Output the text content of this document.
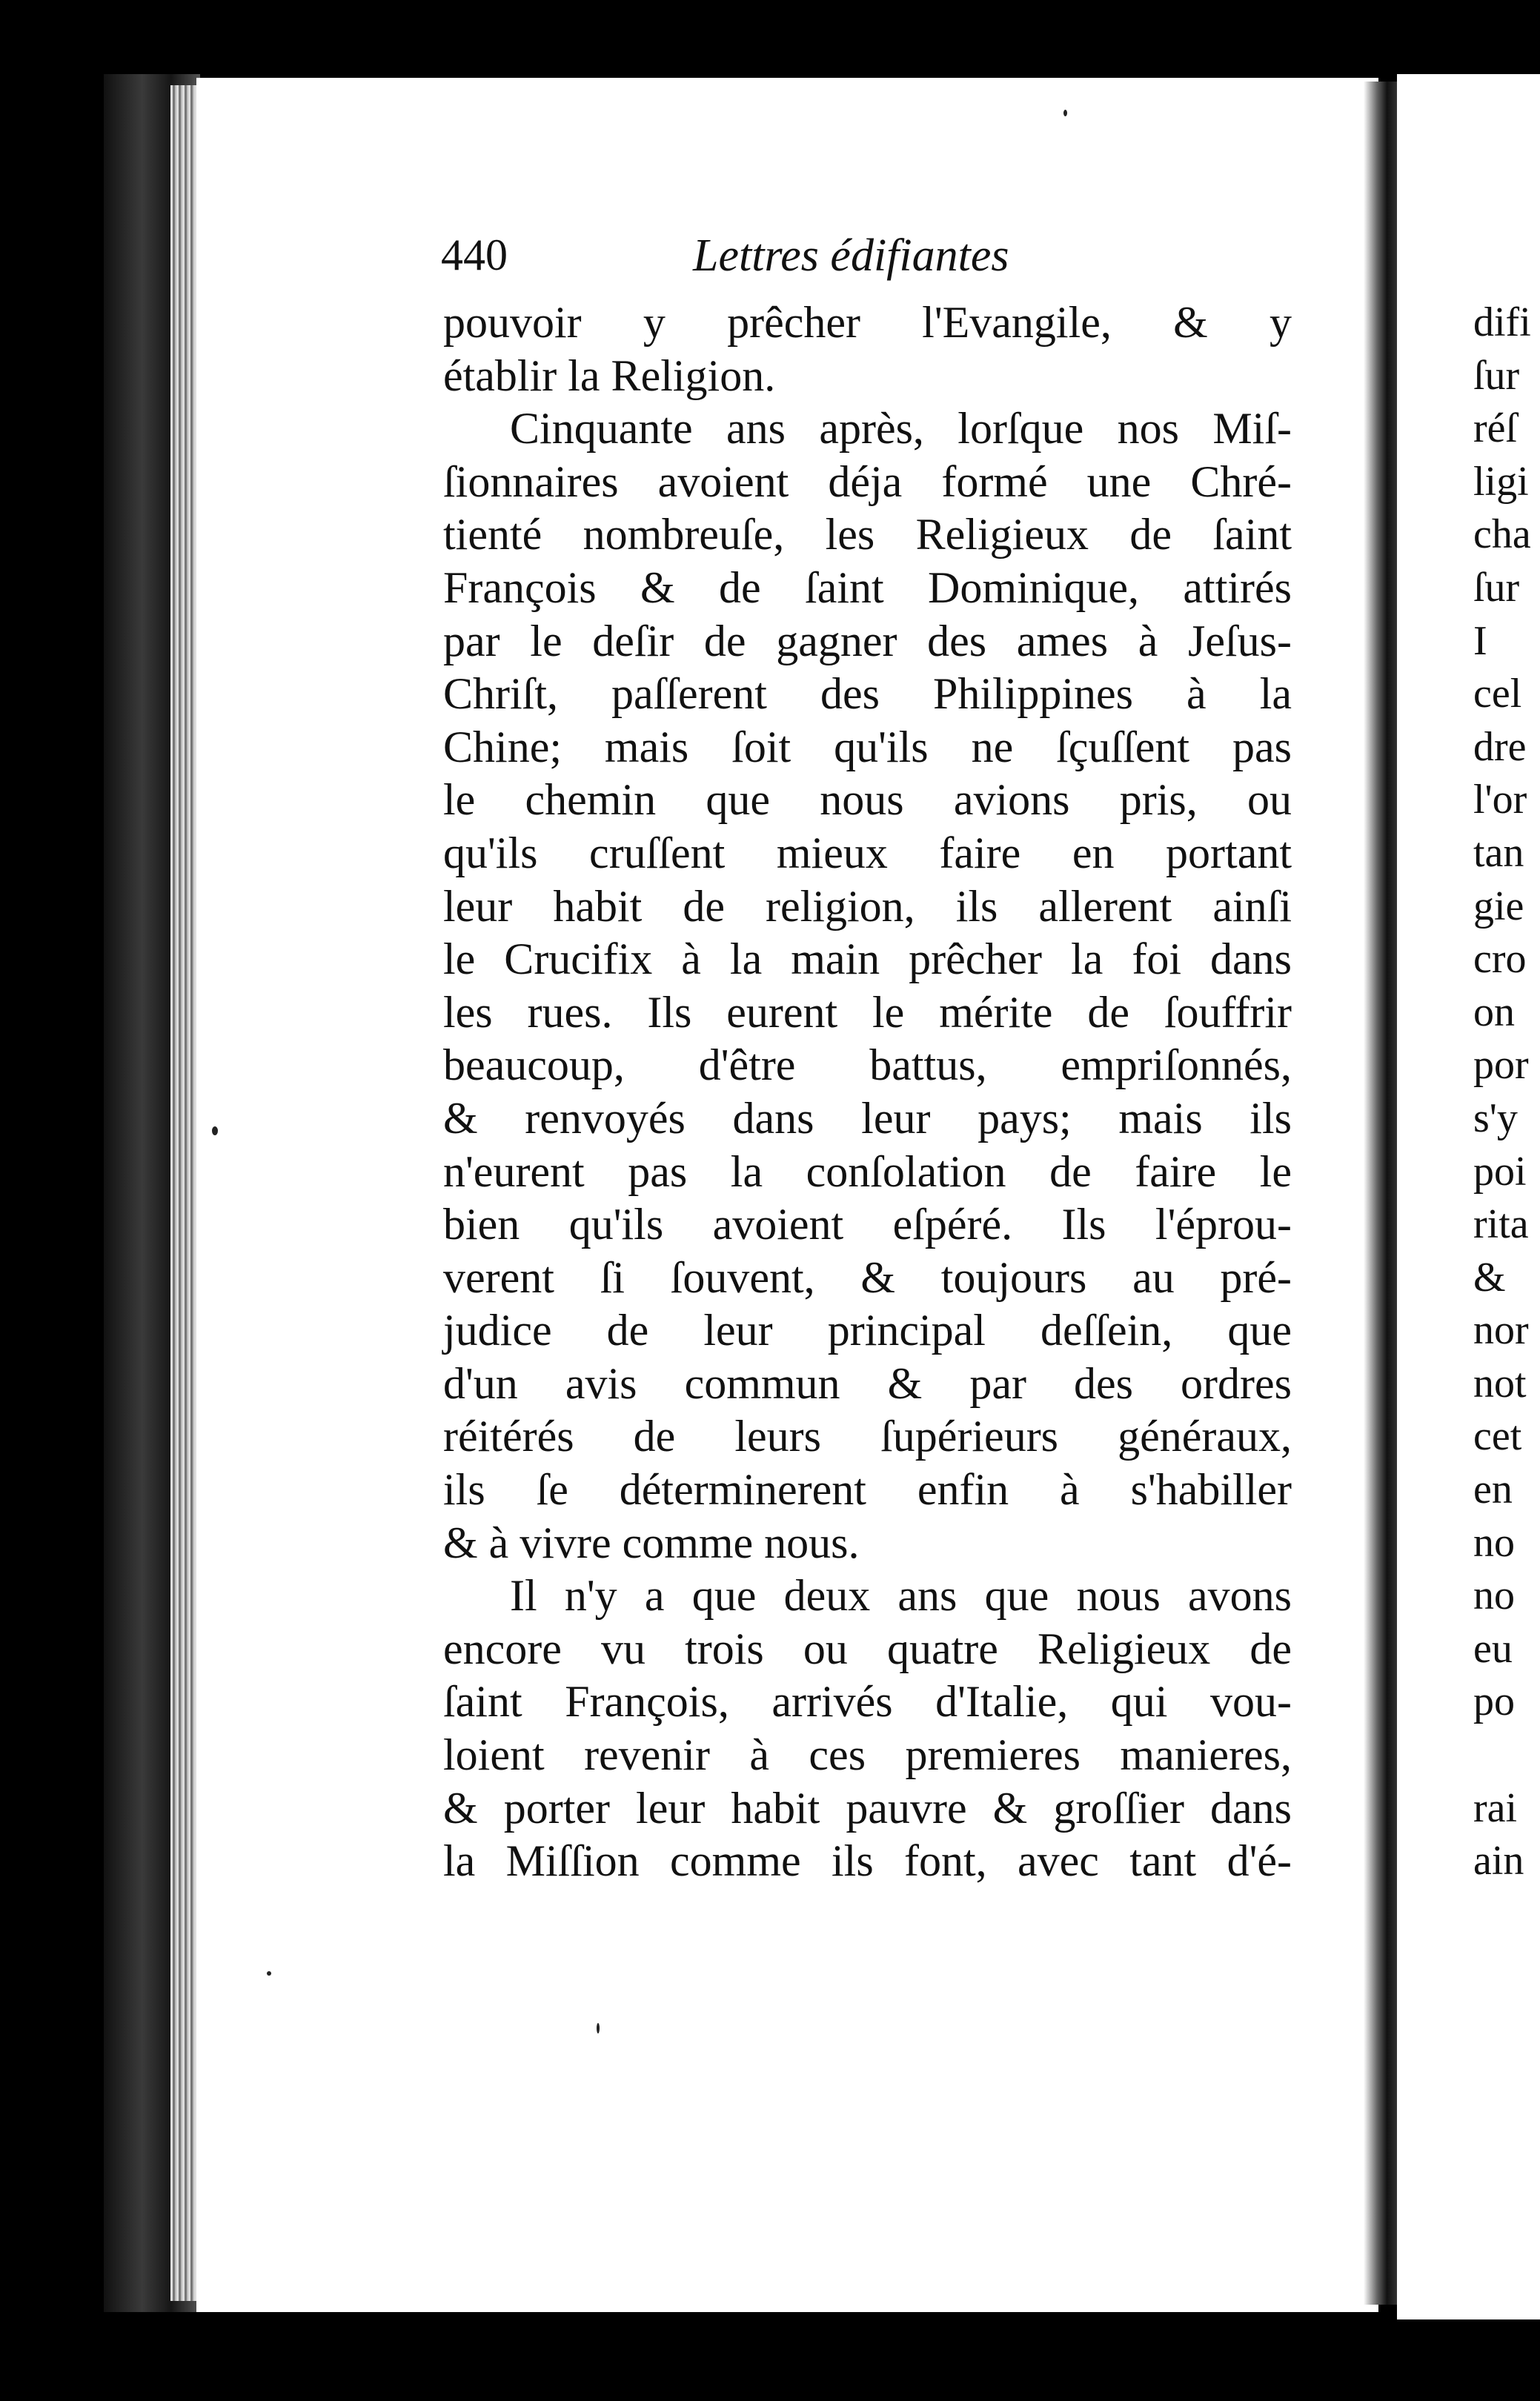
440	Lettres édifiantes
pouvoir y prêcher l'Evangile, & y
établir la Religion.
Cinquante ans après, lorſque nos Miſ-
ſionnaires avoient déja formé une Chré-
tienté nombreuſe, les Religieux de ſaint
François & de ſaint Dominique, attirés
par le deſir de gagner des ames à Jeſus-
Chriſt, paſſerent des Philippines à la
Chine; mais ſoit qu'ils ne ſçuſſent pas
le chemin que nous avions pris, ou
qu'ils cruſſent mieux faire en portant
leur habit de religion, ils allerent ainſi
le Crucifix à la main prêcher la foi dans
les rues. Ils eurent le mérite de ſouffrir
beaucoup, d'être battus, empriſonnés,
& renvoyés dans leur pays; mais ils
n'eurent pas la conſolation de faire le
bien qu'ils avoient eſpéré. Ils l'éprou-
verent ſi ſouvent, & toujours au pré-
judice de leur principal deſſein, que
d'un avis commun & par des ordres
réitérés de leurs ſupérieurs généraux,
ils ſe déterminerent enfin à s'habiller
& à vivre comme nous.
Il n'y a que deux ans que nous avons
encore vu trois ou quatre Religieux de
ſaint François, arrivés d'Italie, qui vou-
loient revenir à ces premieres manieres,
& porter leur habit pauvre & groſſier dans
la Miſſion comme ils font, avec tant d'é-
difi
ſur
réſ
ligi
cha
ſur
I
cel
dre
l'or
tan
gie
cro
on
por
s'y
poi
rita
&
nor
not
cet
en
no
no
eu
po
rai
ain
